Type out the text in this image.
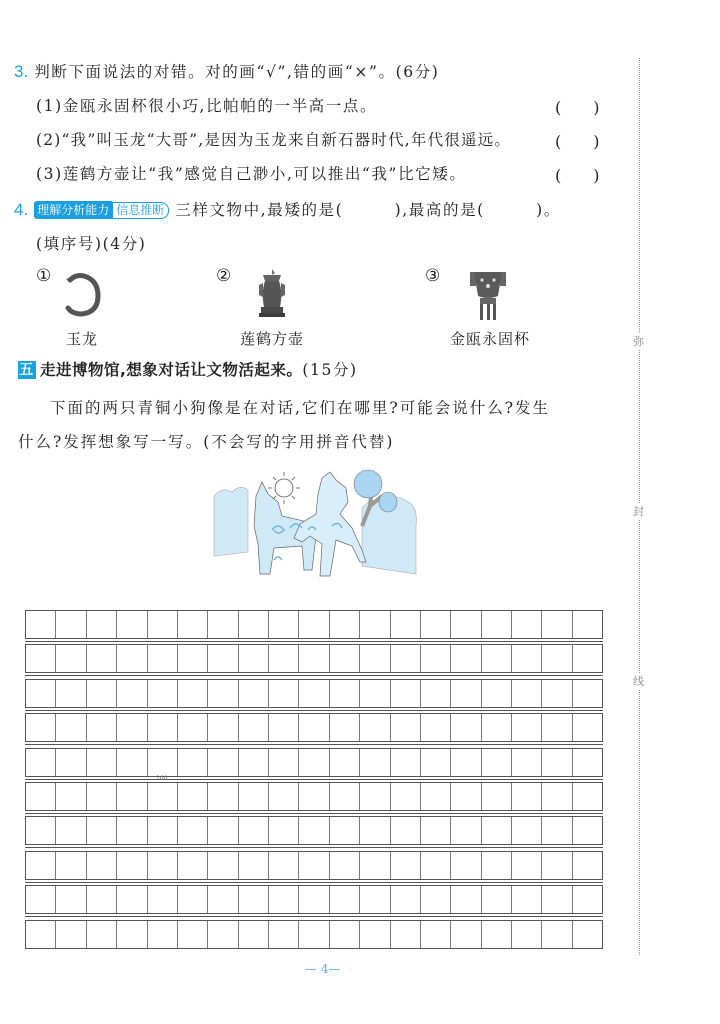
3. 判断下面说法的对错。对的画“√”,错的画“×”。(6分)
(1)金瓯永固杯很小巧,比帕帕的一半高一点。	(　　)
(2)“我”叫玉龙“大哥”,是因为玉龙来自新石器时代,年代很遥远。	(　　)
(3)莲鹤方壶让“我”感觉自己渺小,可以推出“我”比它矮。	(　　)
4. 理解分析能力 信息推断 三样文物中,最矮的是(　　　),最高的是(　　　)。
(填序号)(4分)
①
玉龙
②
莲鹤方壶
③
金瓯永固杯
五 走进博物馆,想象对话让文物活起来。(15分)
下面的两只青铜小狗像是在对话,它们在哪里?可能会说什么?发生
什么?发挥想象写一写。(不会写的字用拼音代替)
100
弥
封
线
— 4—
